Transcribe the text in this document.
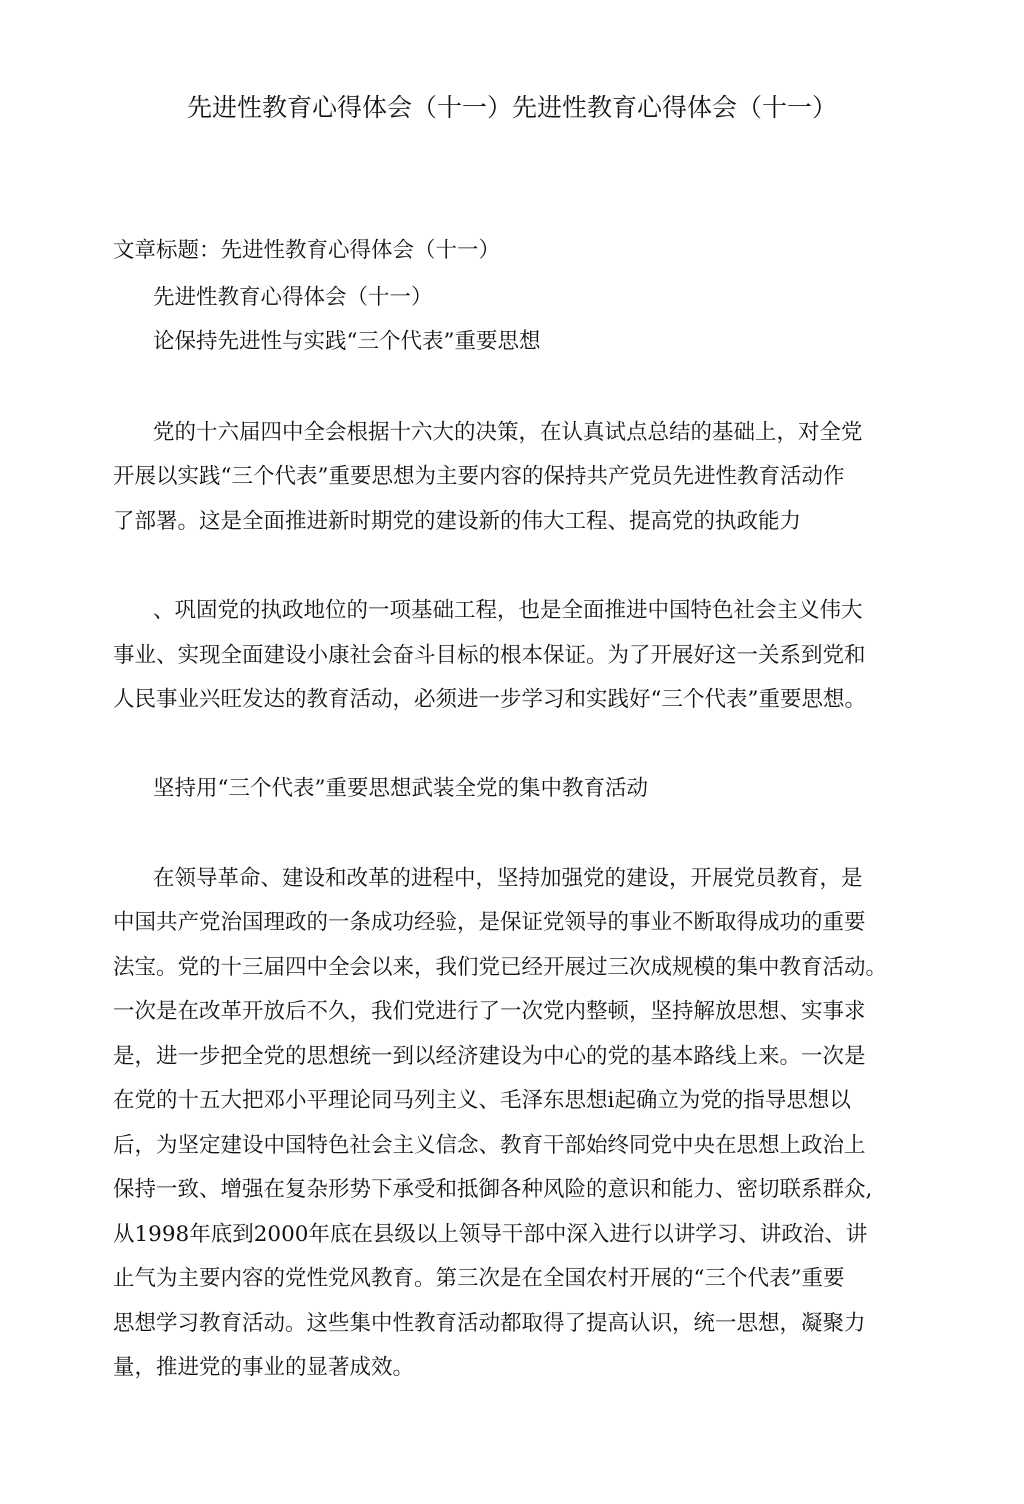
先进性教育心得体会（十一）先进性教育心得体会（十一）
文章标题：先进性教育心得体会（十一）
先进性教育心得体会（十一）
论保持先进性与实践“三个代表”重要思想
党的十六届四中全会根据十六大的决策，在认真试点总结的基础上，对全党
开展以实践“三个代表”重要思想为主要内容的保持共产党员先进性教育活动作
了部署。这是全面推进新时期党的建设新的伟大工程、提高党的执政能力
、巩固党的执政地位的一项基础工程，也是全面推进中国特色社会主义伟大
事业、实现全面建设小康社会奋斗目标的根本保证。为了开展好这一关系到党和
人民事业兴旺发达的教育活动，必须进一步学习和实践好“三个代表”重要思想。
坚持用“三个代表”重要思想武装全党的集中教育活动
在领导革命、建设和改革的进程中，坚持加强党的建设，开展党员教育，是
中国共产党治国理政的一条成功经验，是保证党领导的事业不断取得成功的重要
法宝。党的十三届四中全会以来，我们党已经开展过三次成规模的集中教育活动。
一次是在改革开放后不久，我们党进行了一次党内整顿，坚持解放思想、实事求
是，进一步把全党的思想统一到以经济建设为中心的党的基本路线上来。一次是
在党的十五大把邓小平理论同马列主义、毛泽东思想i起确立为党的指导思想以
后，为坚定建设中国特色社会主义信念、教育干部始终同党中央在思想上政治上
保持一致、增强在复杂形势下承受和抵御各种风险的意识和能力、密切联系群众,
从1998年底到2000年底在县级以上领导干部中深入进行以讲学习、讲政治、讲
止气为主要内容的党性党风教育。第三次是在全国农村开展的“三个代表”重要
思想学习教育活动。这些集中性教育活动都取得了提高认识，统一思想，凝聚力
量，推进党的事业的显著成效。
